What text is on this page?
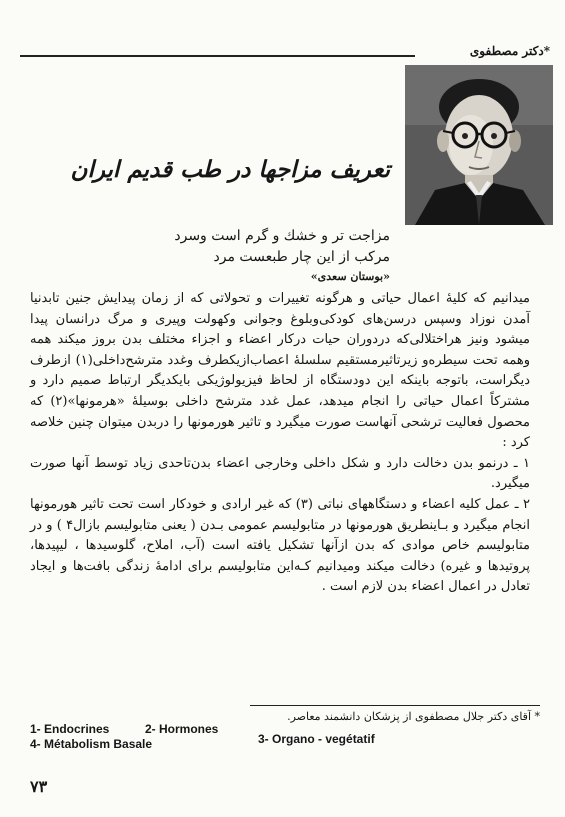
*دکتر مصطفوی
تعریف مزاجها در طب قدیم ایران
مزاجت تر و خشك و گرم است وسرد
مرکب از این چار طبعست مرد
«بوستان سعدی»

میدانیم که کلیهٔ اعمال حیاتی و هرگونه تغییرات و تحولاتی که از زمان پیدایش جنین تابدنیا آمدن نوزاد وسپس درسن‌های کودکی‌وبلوغ وجوانی وکهولت وپیری و مرگ درانسان پیدا میشود ونیز هراختلالی‌که دردوران حیات درکار اعضاء و اجزاء مختلف بدن بروز میکند همه وهمه تحت سیطره‌و زیرتاثیرمستقیم سلسلهٔ اعصاب‌ازیکطرف وغدد مترشح‌داخلی(۱) ازطرف دیگراست، باتوجه باینکه این دودستگاه از لحاظ فیزیولوژیکی بایکدیگر ارتباط صمیم دارد و مشترکاً اعمال حیاتی را انجام میدهد، عمل غدد مترشح داخلی بوسیلهٔ «هرمونها»(۲) که محصول فعالیت ترشحی آنهاست صورت میگیرد و تاثیر هورمونها را دربدن میتوان چنین خلاصه کرد :

۱ ـ درنمو بدن دخالت دارد و شکل داخلی وخارجی اعضاء بدن‌تاحدی زیاد توسط آنها صورت میگیرد.

۲ ـ عمل کلیه اعضاء و دستگاههای نباتی (۳) که غیر ارادی و خودکار است تحت تاثیر هورمونها انجام میگیرد و بـاینطریق هورمونها در متابولیسم عمومی بـدن ( یعنی متابولیسم بازال۴ ) و در متابولیسم خاص موادی که بدن ازآنها تشکیل یافته است (آب، املاح، گلوسیدها ، لیپیدها، پروتیدها و غیره) دخالت میکند ومیدانیم کـه‌این متابولیسم برای ادامهٔ زندگی بافت‌ها و ایجاد تعادل در اعمال اعضاء بدن لازم است .

* آقای دکتر جلال مصطفوی از پزشکان دانشمند معاصر.
1- Endocrines	2- Hormones
4- Métabolism Basale	3- Organo - vegétatif
۷۳
